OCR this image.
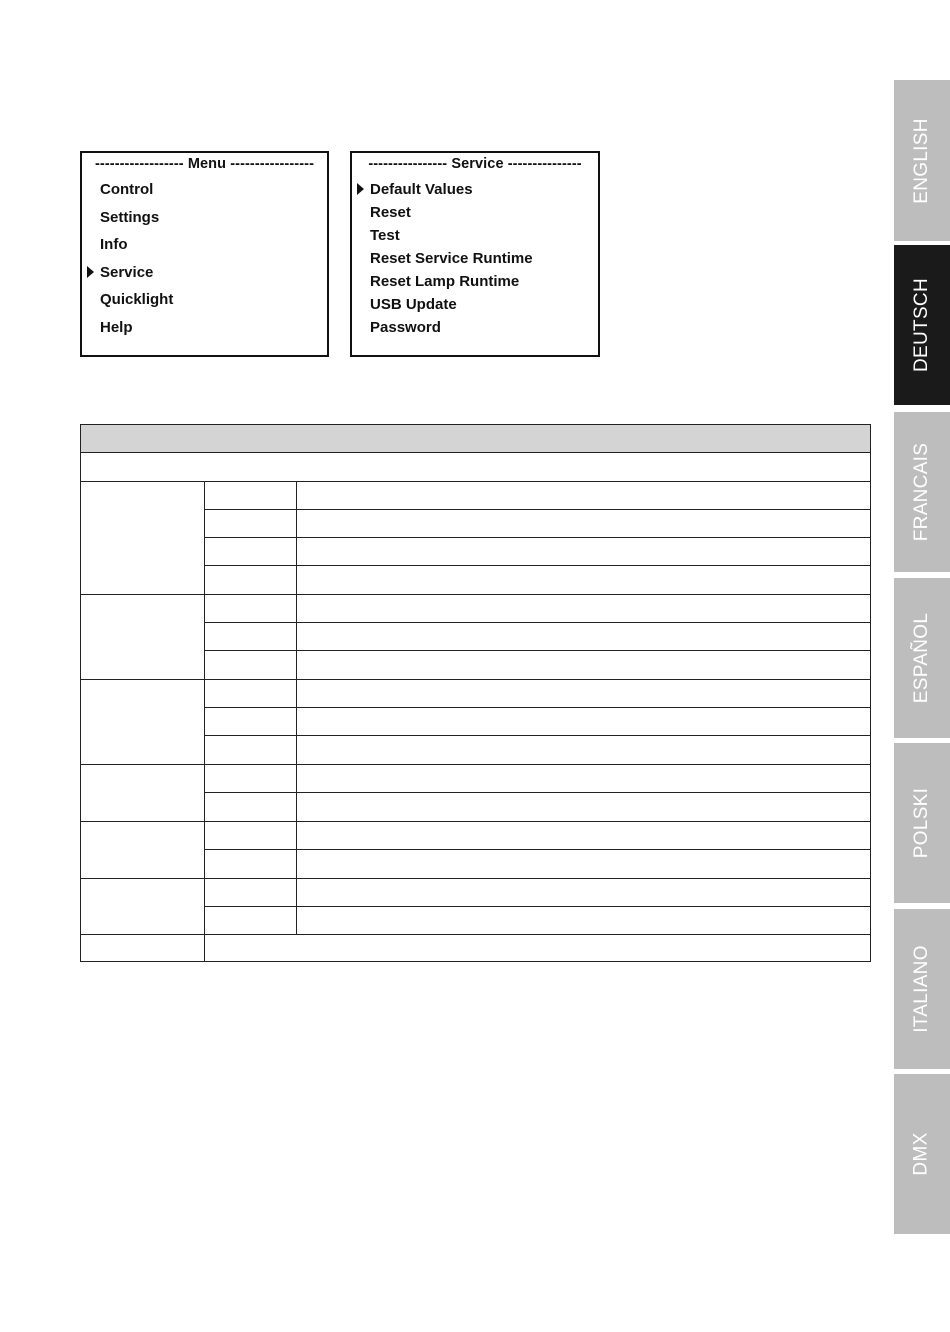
------------------ Menu -----------------
Control
Settings
Info
Service
Quicklight
Help
---------------- Service ---------------
Default Values
Reset
Test
Reset Service Runtime
Reset Lamp Runtime
USB Update
Password
ENGLISH
DEUTSCH
FRANCAIS
ESPAÑOL
POLSKI
ITALIANO
DMX
